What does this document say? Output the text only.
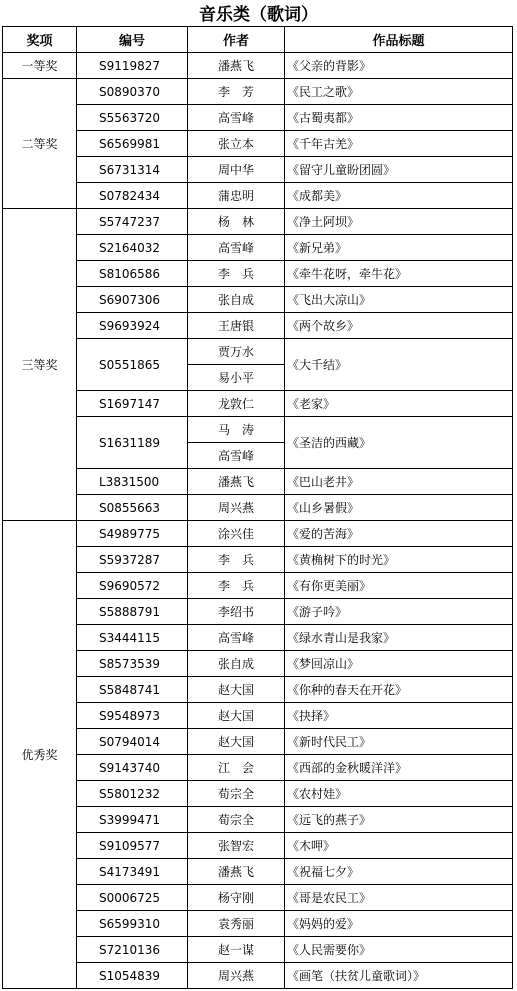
音乐类（歌词）
奖项	编号	作者	作品标题
一等奖	S9119827	潘燕飞	《父亲的背影》
二等奖	S0890370	李　芳	《民工之歌》
	S5563720	高雪峰	《古蜀夷都》
	S6569981	张立本	《千年古羌》
	S6731314	周中华	《留守儿童盼团圆》
	S0782434	蒲忠明	《成都美》
三等奖	S5747237	杨　林	《净土阿坝》
	S2164032	高雪峰	《新兄弟》
	S8106586	李　兵	《牵牛花呀，牵牛花》
	S6907306	张自成	《飞出大凉山》
	S9693924	王唐银	《两个故乡》
	S0551865	贾万水	《大千结》
		易小平	
	S1697147	龙敦仁	《老家》
	S1631189	马　涛	《圣洁的西藏》
		高雪峰	
	L3831500	潘燕飞	《巴山老井》
	S0855663	周兴燕	《山乡暑假》
优秀奖	S4989775	涂兴佳	《爱的苦海》
	S5937287	李　兵	《黄桷树下的时光》
	S9690572	李　兵	《有你更美丽》
	S5888791	李绍书	《游子吟》
	S3444115	高雪峰	《绿水青山是我家》
	S8573539	张自成	《梦回凉山》
	S5848741	赵大国	《你种的春天在开花》
	S9548973	赵大国	《抉择》
	S0794014	赵大国	《新时代民工》
	S9143740	江　会	《西部的金秋暖洋洋》
	S5801232	荀宗全	《农村娃》
	S3999471	荀宗全	《远飞的燕子》
	S9109577	张智宏	《木呷》
	S4173491	潘燕飞	《祝福七夕》
	S0006725	杨守刚	《哥是农民工》
	S6599310	袁秀丽	《妈妈的爱》
	S7210136	赵一谋	《人民需要你》
	S1054839	周兴燕	《画笔（扶贫儿童歌词）》
